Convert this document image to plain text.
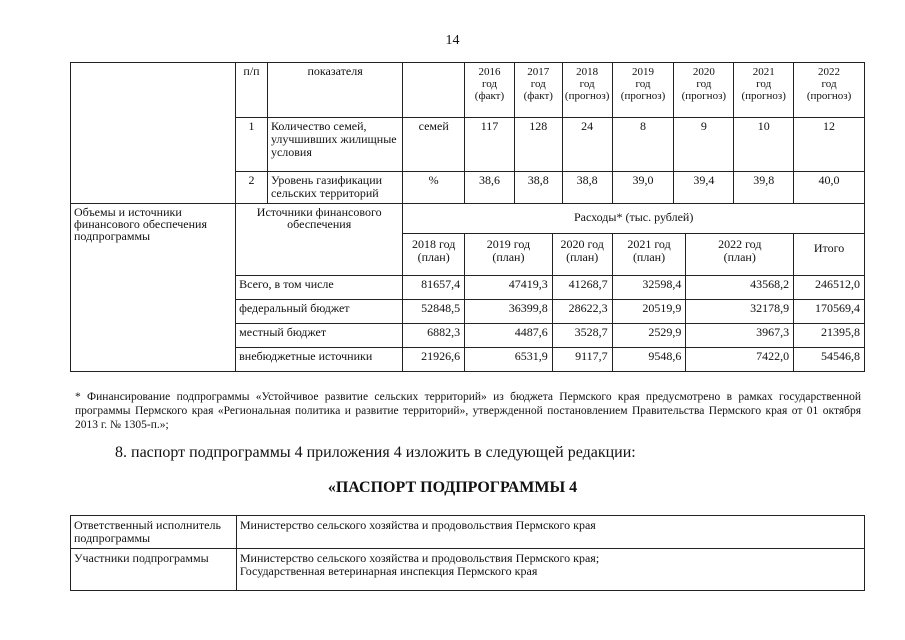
14
	п/п	показателя		2016
год
(факт)	2017
год
(факт)		2018
год
(прогноз)	2019
год
(прогноз)	2020
год
(прогноз)		2021
год
(прогноз)	2022
год
(прогноз)

	1	Количество семей, улучшивших жилищные условия	семей	117	128		24	8	9		10	12
	2	Уровень газификации сельских территорий	%	38,6	38,8		38,8	39,0	39,4		39,8	40,0
Объемы и источники финансового обеспечения подпрограммы	Источники финансового обеспечения		Расходы* (тыс. рублей)									

			2018 год
(план)	2019 год
(план)		2020 год
(план)		2021 год
(план)		2022 год
(план)		Итого
	Всего, в том числе		81657,4	47419,3		41268,7		32598,4		43568,2		246512,0
	федеральный бюджет		52848,5	36399,8		28622,3		20519,9		32178,9		170569,4
	местный бюджет		6882,3	4487,6		3528,7		2529,9		3967,3		21395,8
	внебюджетные источники		21926,6	6531,9		9117,7		9548,6		7422,0		54546,8
* Финансирование подпрограммы «Устойчивое развитие сельских территорий» из бюджета Пермского края предусмотрено в рамках государственной программы Пермского края «Региональная политика и развитие территорий», утвержденной постановлением Правительства Пермского края от 01 октября 2013 г. № 1305-п.»;
8. паспорт подпрограммы 4 приложения 4 изложить в следующей редакции:
«ПАСПОРТ ПОДПРОГРАММЫ 4
Ответственный исполнитель подпрограммы	Министерство сельского хозяйства и продовольствия Пермского края

Участники подпрограммы	Министерство сельского хозяйства и продовольствия Пермского края;
Государственная ветеринарная инспекция Пермского края
